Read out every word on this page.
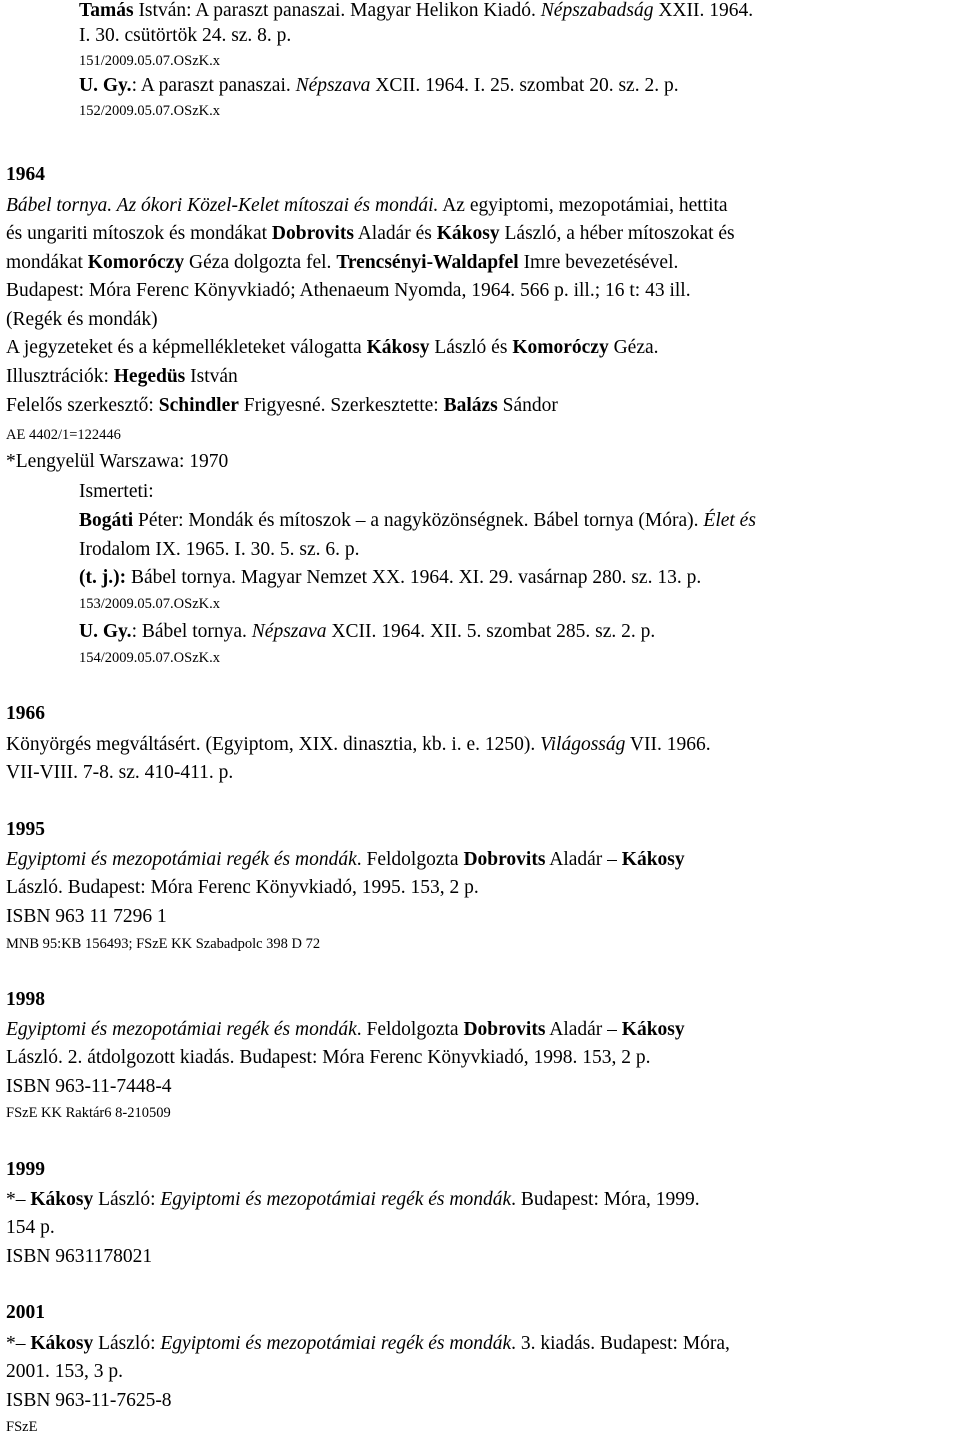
Tamás István: A paraszt panaszai. Magyar Helikon Kiadó. Népszabadság XXII. 1964.

I. 30. csütörtök 24. sz. 8. p.

151/2009.05.07.OSzK.x

U. Gy.: A paraszt panaszai. Népszava XCII. 1964. I. 25. szombat 20. sz. 2. p.

152/2009.05.07.OSzK.x

1964

Bábel tornya. Az ókori Közel-Kelet mítoszai és mondái. Az egyiptomi, mezopotámiai, hettita

és ungariti mítoszok és mondákat Dobrovits Aladár és Kákosy László, a héber mítoszokat és

mondákat Komoróczy Géza dolgozta fel. Trencsényi-Waldapfel Imre bevezetésével.

Budapest: Móra Ferenc Könyvkiadó; Athenaeum Nyomda, 1964. 566 p. ill.; 16 t: 43 ill.

(Regék és mondák)

A jegyzeteket és a képmellékleteket válogatta Kákosy László és Komoróczy Géza.

Illusztrációk: Hegedüs István

Felelős szerkesztő: Schindler Frigyesné. Szerkesztette: Balázs Sándor

AE 4402/1=122446

*Lengyelül Warszawa: 1970

Ismerteti:

Bogáti Péter: Mondák és mítoszok – a nagyközönségnek. Bábel tornya (Móra). Élet és

Irodalom IX. 1965. I. 30. 5. sz. 6. p.

(t. j.): Bábel tornya. Magyar Nemzet XX. 1964. XI. 29. vasárnap 280. sz. 13. p.

153/2009.05.07.OSzK.x

U. Gy.: Bábel tornya. Népszava XCII. 1964. XII. 5. szombat 285. sz. 2. p.

154/2009.05.07.OSzK.x

1966

Könyörgés megváltásért. (Egyiptom, XIX. dinasztia, kb. i. e. 1250). Világosság VII. 1966.

VII-VIII. 7-8. sz. 410-411. p.

1995

Egyiptomi és mezopotámiai regék és mondák. Feldolgozta Dobrovits Aladár – Kákosy

László. Budapest: Móra Ferenc Könyvkiadó, 1995. 153, 2 p.

ISBN 963 11 7296 1

MNB 95:KB 156493; FSzE KK Szabadpolc 398 D 72

1998

Egyiptomi és mezopotámiai regék és mondák. Feldolgozta Dobrovits Aladár – Kákosy

László. 2. átdolgozott kiadás. Budapest: Móra Ferenc Könyvkiadó, 1998. 153, 2 p.

ISBN 963-11-7448-4

FSzE KK Raktár6 8-210509

1999

*– Kákosy László: Egyiptomi és mezopotámiai regék és mondák. Budapest: Móra, 1999.

154 p.

ISBN 9631178021

2001

*– Kákosy László: Egyiptomi és mezopotámiai regék és mondák. 3. kiadás. Budapest: Móra,

2001. 153, 3 p.

ISBN 963-11-7625-8

FSzE
